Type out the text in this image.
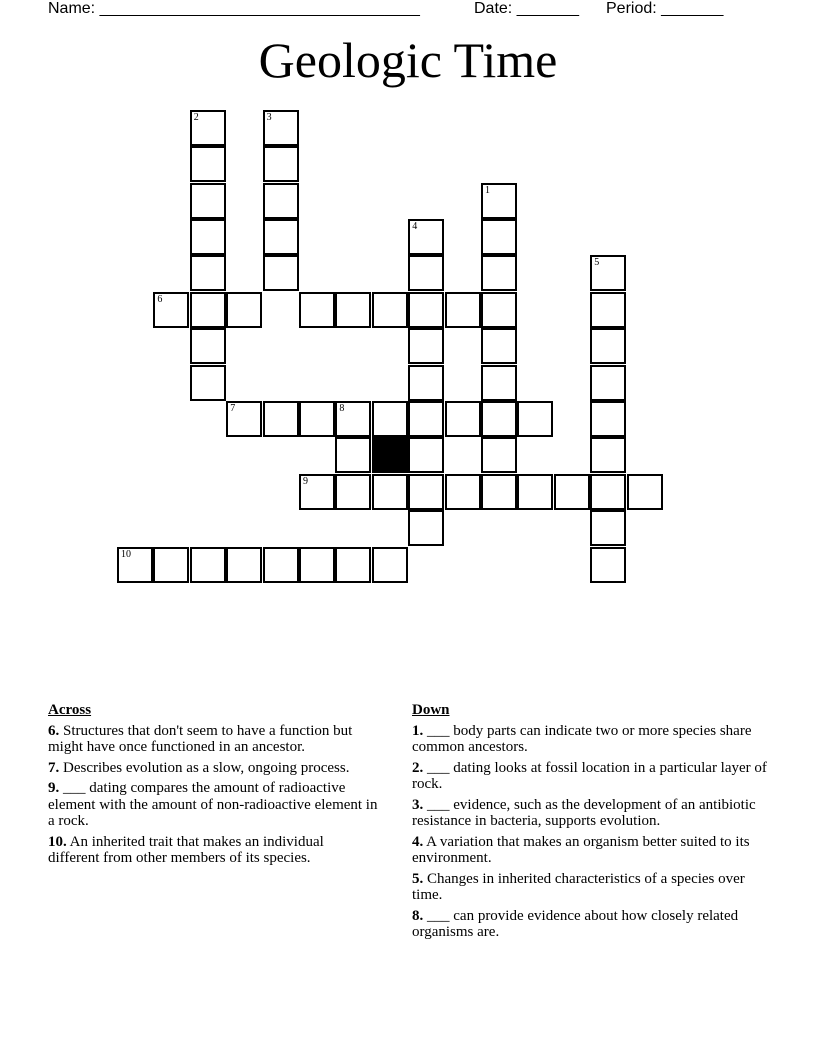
Name: ____________________________________	Date: _______ Period: _______
Geologic Time
1
2	3
4
5
6
7	8
9
10
Across
6. Structures that don't seem to have a function but might have once functioned in an ancestor.
7. Describes evolution as a slow, ongoing process.
9. ___ dating compares the amount of radioactive element with the amount of non-radioactive element in a rock.
10. An inherited trait that makes an individual different from other members of its species.
Down
1. ___ body parts can indicate two or more species share common ancestors.
2. ___ dating looks at fossil location in a particular layer of rock.
3. ___ evidence, such as the development of an antibiotic resistance in bacteria, supports evolution.
4. A variation that makes an organism better suited to its environment.
5. Changes in inherited characteristics of a species over time.
8. ___ can provide evidence about how closely related organisms are.
